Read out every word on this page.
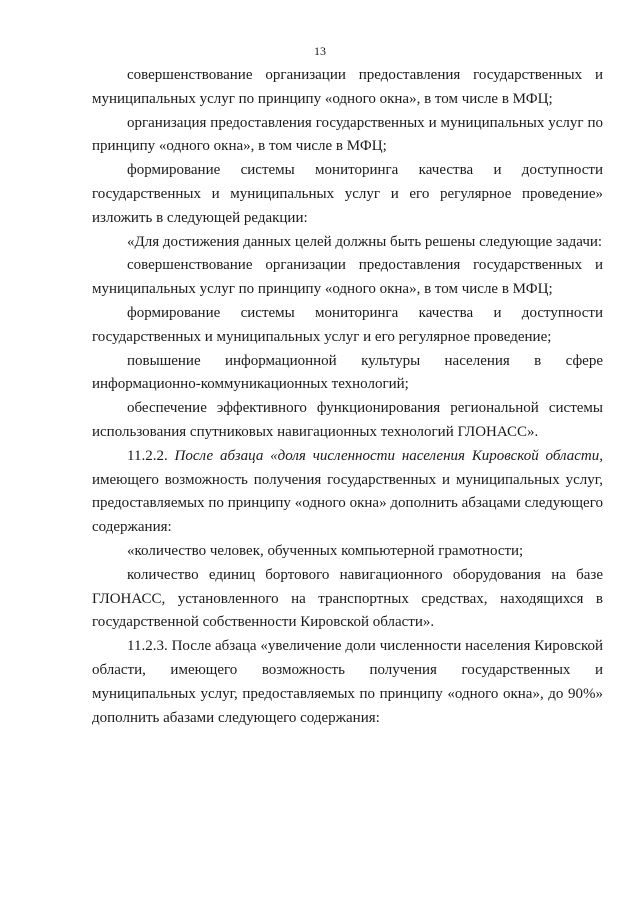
13

совершенствование организации предоставления государственных и муниципальных услуг по принципу «одного окна», в том числе в МФЦ;

организация предоставления государственных и муниципальных услуг по принципу «одного окна», в том числе в МФЦ;

формирование системы мониторинга качества и доступности государственных и муниципальных услуг и его регулярное проведение» изложить в следующей редакции:

«Для достижения данных целей должны быть решены следующие задачи:

совершенствование организации предоставления государственных и муниципальных услуг по принципу «одного окна», в том числе в МФЦ;

формирование системы мониторинга качества и доступности государственных и муниципальных услуг и его регулярное проведение;

повышение информационной культуры населения в сфере информационно-коммуникационных технологий;

обеспечение эффективного функционирования региональной системы использования спутниковых навигационных технологий ГЛОНАСС».

11.2.2. После абзаца «доля численности населения Кировской области, имеющего возможность получения государственных и муниципальных услуг, предоставляемых по принципу «одного окна» дополнить абзацами следующего содержания:

«количество человек, обученных компьютерной грамотности;

количество единиц бортового навигационного оборудования на базе ГЛОНАСС, установленного на транспортных средствах, находящихся в государственной собственности Кировской области».

11.2.3. После абзаца «увеличение доли численности населения Кировской области, имеющего возможность получения государственных и муниципальных услуг, предоставляемых по принципу «одного окна», до 90%» дополнить абазами следующего содержания:
